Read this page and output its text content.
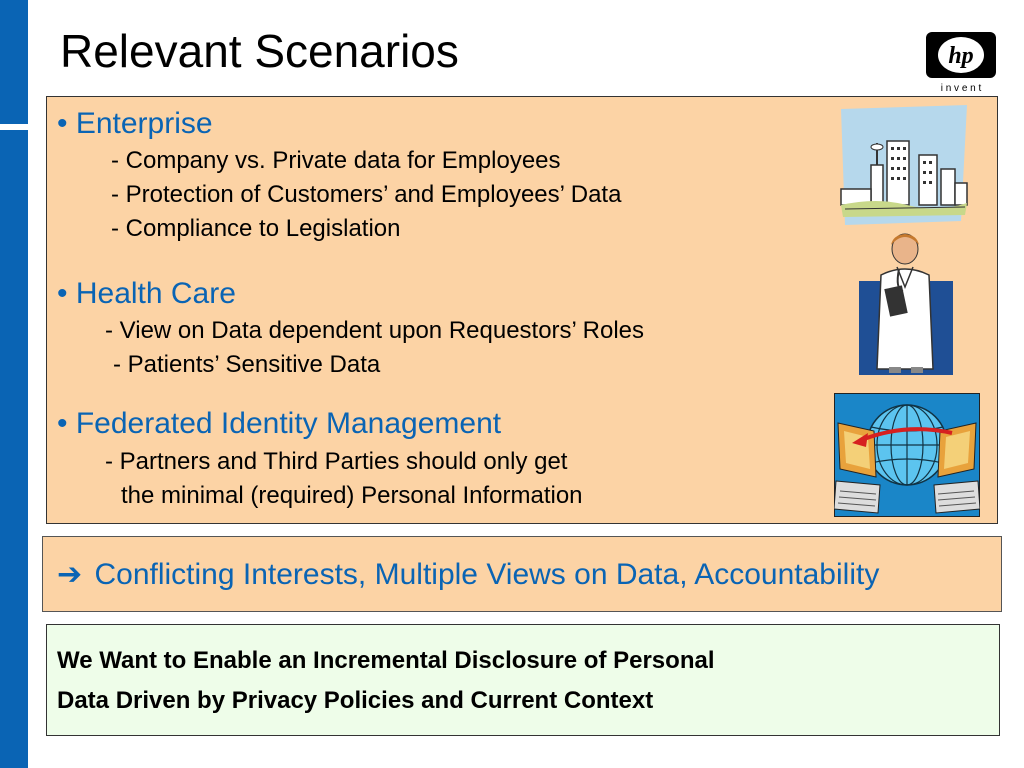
Relevant Scenarios	hp
i n v e n t
• Enterprise
- Company vs. Private data for Employees
- Protection of Customers’ and Employees’ Data
- Compliance to Legislation
• Health Care
- View on Data dependent upon Requestors’ Roles
- Patients’ Sensitive Data
• Federated Identity Management
- Partners and Third Parties should only get
the minimal (required) Personal Information
➔ Conflicting Interests, Multiple Views on Data, Accountability
We Want to Enable an Incremental Disclosure of Personal
Data Driven by Privacy Policies and Current Context
